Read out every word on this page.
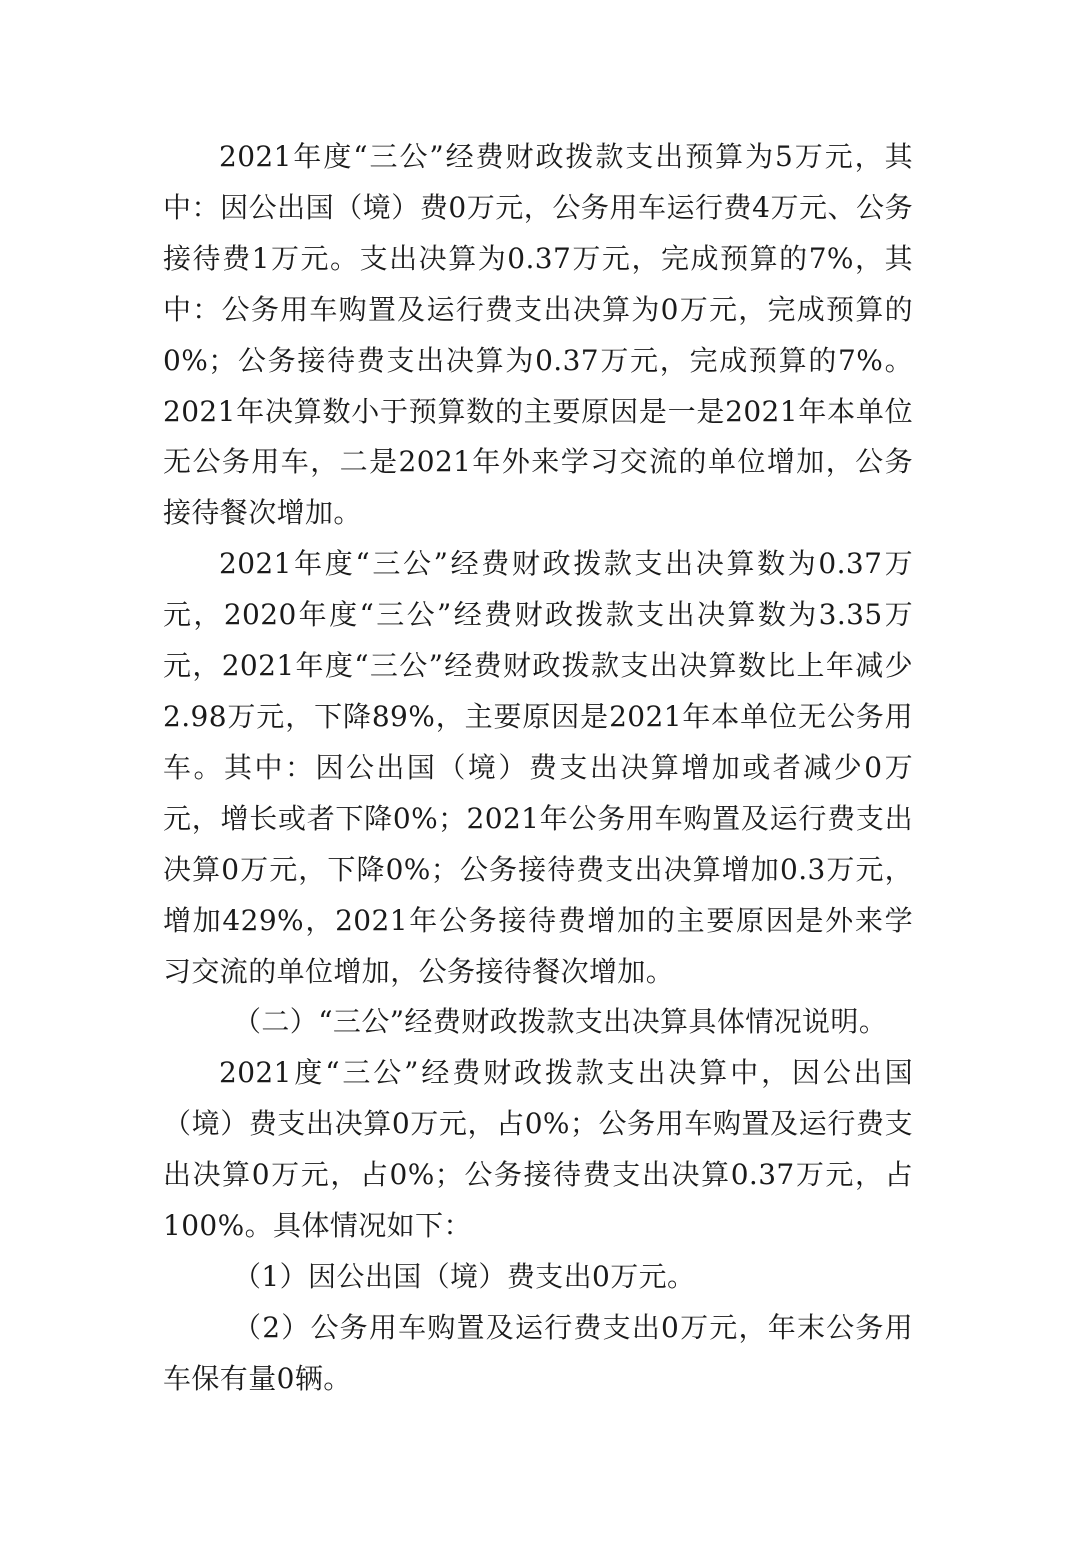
2021年度“三公”经费财政拨款支出预算为5万元，其中：因公出国（境）费0万元，公务用车运行费4万元、公务接待费1万元。支出决算为0.37万元，完成预算的7%，其中：公务用车购置及运行费支出决算为0万元，完成预算的0%；公务接待费支出决算为0.37万元，完成预算的7%。2021年决算数小于预算数的主要原因是一是2021年本单位无公务用车，二是2021年外来学习交流的单位增加，公务接待餐次增加。

2021年度“三公”经费财政拨款支出决算数为0.37万元，2020年度“三公”经费财政拨款支出决算数为3.35万元，2021年度“三公”经费财政拨款支出决算数比上年减少2.98万元，下降89%，主要原因是2021年本单位无公务用车。其中：因公出国（境）费支出决算增加或者减少0万元，增长或者下降0%；2021年公务用车购置及运行费支出决算0万元，下降0%；公务接待费支出决算增加0.3万元，增加429%，2021年公务接待费增加的主要原因是外来学习交流的单位增加，公务接待餐次增加。

（二）“三公”经费财政拨款支出决算具体情况说明。

2021度“三公”经费财政拨款支出决算中，因公出国（境）费支出决算0万元，占0%；公务用车购置及运行费支出决算0万元，占0%；公务接待费支出决算0.37万元，占100%。具体情况如下：

（1）因公出国（境）费支出0万元。

（2）公务用车购置及运行费支出0万元，年末公务用车保有量0辆。
